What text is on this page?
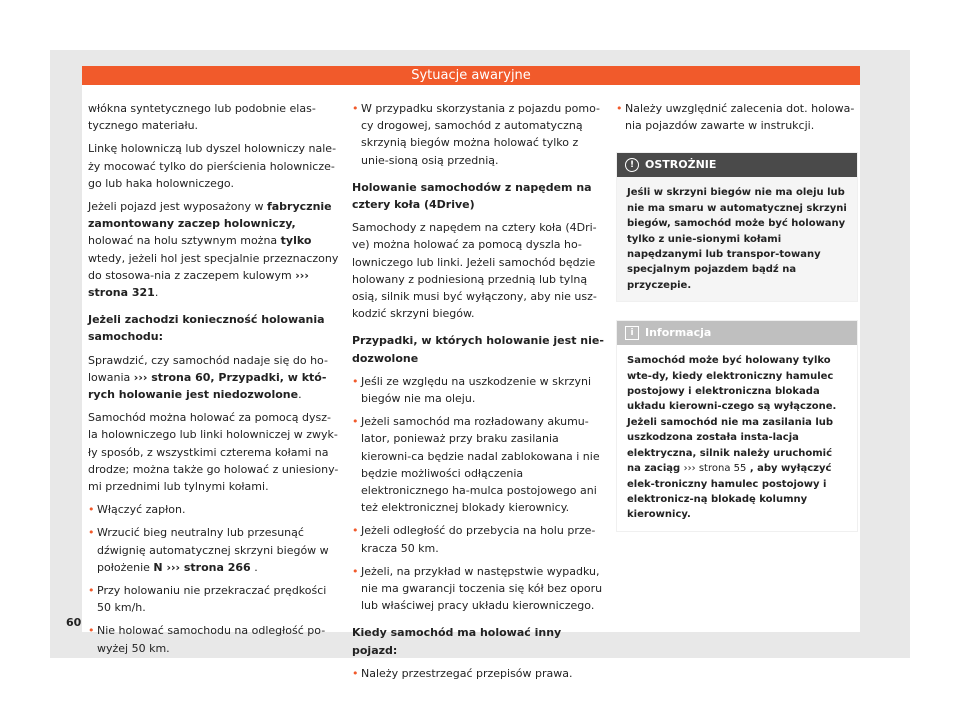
Sytuacje awaryjne

włókna syntetycznego lub podobnie elas-tycznego materiału.

Linkę holowniczą lub dyszel holowniczy nale-ży mocować tylko do pierścienia holownicze-go lub haka holowniczego.

Jeżeli pojazd jest wyposażony w fabrycznie zamontowany zaczep holowniczy, holować na holu sztywnym można tylko wtedy, jeżeli hol jest specjalnie przeznaczony do stosowa-nia z zaczepem kulowym ››› strona 321.

Jeżeli zachodzi konieczność holowania samochodu:

Sprawdzić, czy samochód nadaje się do ho-lowania ››› strona 60, Przypadki, w któ-rych holowanie jest niedozwolone.

Samochód można holować za pomocą dysz-la holowniczego lub linki holowniczej w zwyk-ły sposób, z wszystkimi czterema kołami na drodze; można także go holować z uniesiony-mi przednimi lub tylnymi kołami.

• Włączyć zapłon.

• Wrzucić bieg neutralny lub przesunąć dźwignię automatycznej skrzyni biegów w położenie N ››› strona 266 .

• Przy holowaniu nie przekraczać prędkości 50 km/h.

• Nie holować samochodu na odległość po-wyżej 50 km.

• W przypadku skorzystania z pojazdu pomo-cy drogowej, samochód z automatyczną skrzynią biegów można holować tylko z unie-sioną osią przednią.

Holowanie samochodów z napędem na cztery koła (4Drive)

Samochody z napędem na cztery koła (4Dri-ve) można holować za pomocą dyszla ho-lowniczego lub linki. Jeżeli samochód będzie holowany z podniesioną przednią lub tylną osią, silnik musi być wyłączony, aby nie usz-kodzić skrzyni biegów.

Przypadki, w których holowanie jest nie-dozwolone

• Jeśli ze względu na uszkodzenie w skrzyni biegów nie ma oleju.

• Jeżeli samochód ma rozładowany akumu-lator, ponieważ przy braku zasilania kierowni-ca będzie nadal zablokowana i nie będzie możliwości odłączenia elektronicznego ha-mulca postojowego ani też elektronicznej blokady kierownicy.

• Jeżeli odległość do przebycia na holu prze-kracza 50 km.

• Jeżeli, na przykład w następstwie wypadku, nie ma gwarancji toczenia się kół bez oporu lub właściwej pracy układu kierowniczego.

Kiedy samochód ma holować inny pojazd:

• Należy przestrzegać przepisów prawa.

• Należy uwzględnić zalecenia dot. holowa-nia pojazdów zawarte w instrukcji.

! OSTROŻNIE
Jeśli w skrzyni biegów nie ma oleju lub nie ma smaru w automatycznej skrzyni biegów, samochód może być holowany tylko z unie-sionymi kołami napędzanymi lub transpor-towany specjalnym pojazdem bądź na przyczepie.
i Informacja
Samochód może być holowany tylko wte-dy, kiedy elektroniczny hamulec postojowy i elektroniczna blokada układu kierowni-czego są wyłączone. Jeżeli samochód nie ma zasilania lub uszkodzona została insta-lacja elektryczna, silnik należy uruchomić na zaciąg ››› strona 55 , aby wyłączyć elek-troniczny hamulec postojowy i elektronicz-ną blokadę kolumny kierownicy.
60
